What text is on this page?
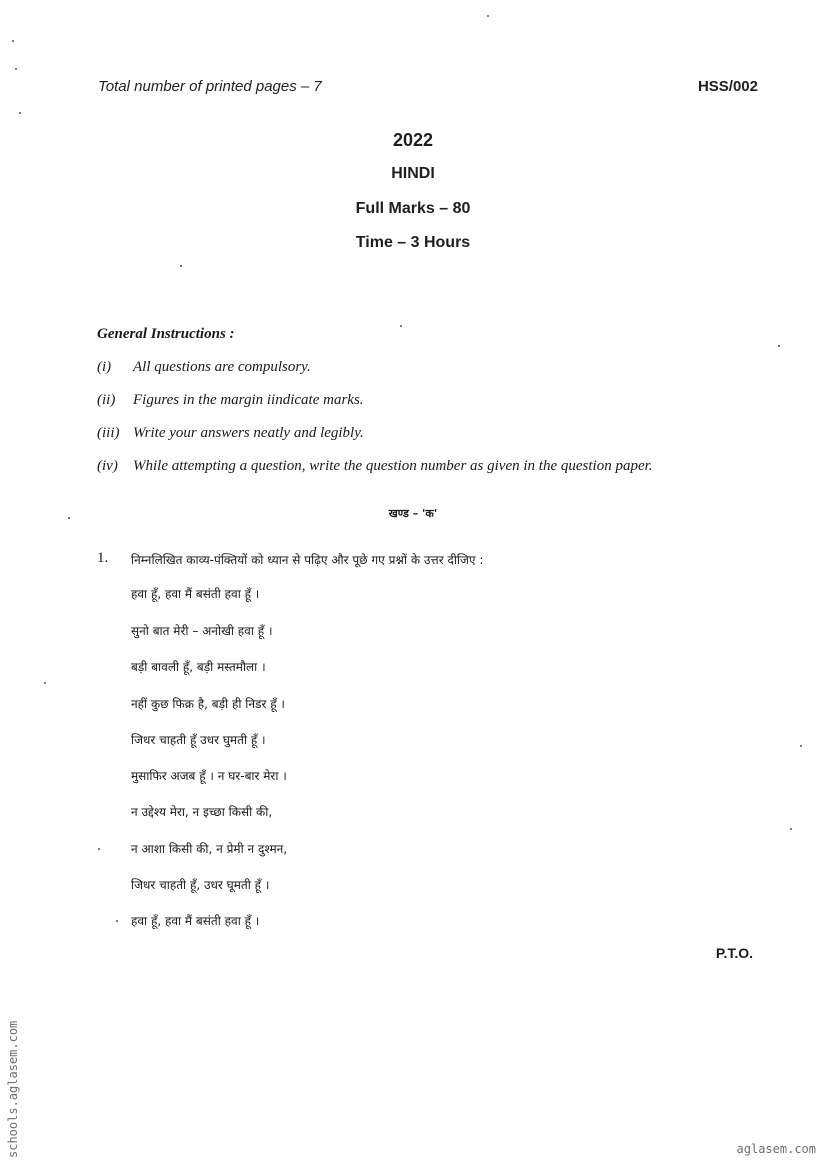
Total number of printed pages – 7	HSS/002
2022
HINDI
Full Marks – 80
Time – 3 Hours
General Instructions :
(i) All questions are compulsory.
(ii) Figures in the margin iindicate marks.
(iii) Write your answers neatly and legibly.
(iv) While attempting a question, write the question number as given in the question paper.
खण्ड – 'क'
1. निम्नलिखित काव्य-पंक्तियों को ध्यान से पढ़िए और पूछे गए प्रश्नों के उत्तर दीजिए :
हवा हूँ, हवा मैं बसंती हवा हूँ ।
सुनो बात मेरी – अनोखी हवा हूँ ।
बड़ी बावली हूँ, बड़ी मस्तमौला ।
नहीं कुछ फिक्र है, बड़ी ही निडर हूँ ।
जिधर चाहती हूँ उधर घुमती हूँ ।
मुसाफिर अजब हूँ । न घर-बार मेरा ।
न उद्देश्य मेरा, न इच्छा किसी की,
न आशा किसी की, न प्रेमी न दुश्मन,
जिधर चाहती हूँ, उधर घूमती हूँ ।
हवा हूँ, हवा मैं बसंती हवा हूँ ।
P.T.O.
schools.aglasem.com	aglasem.com
